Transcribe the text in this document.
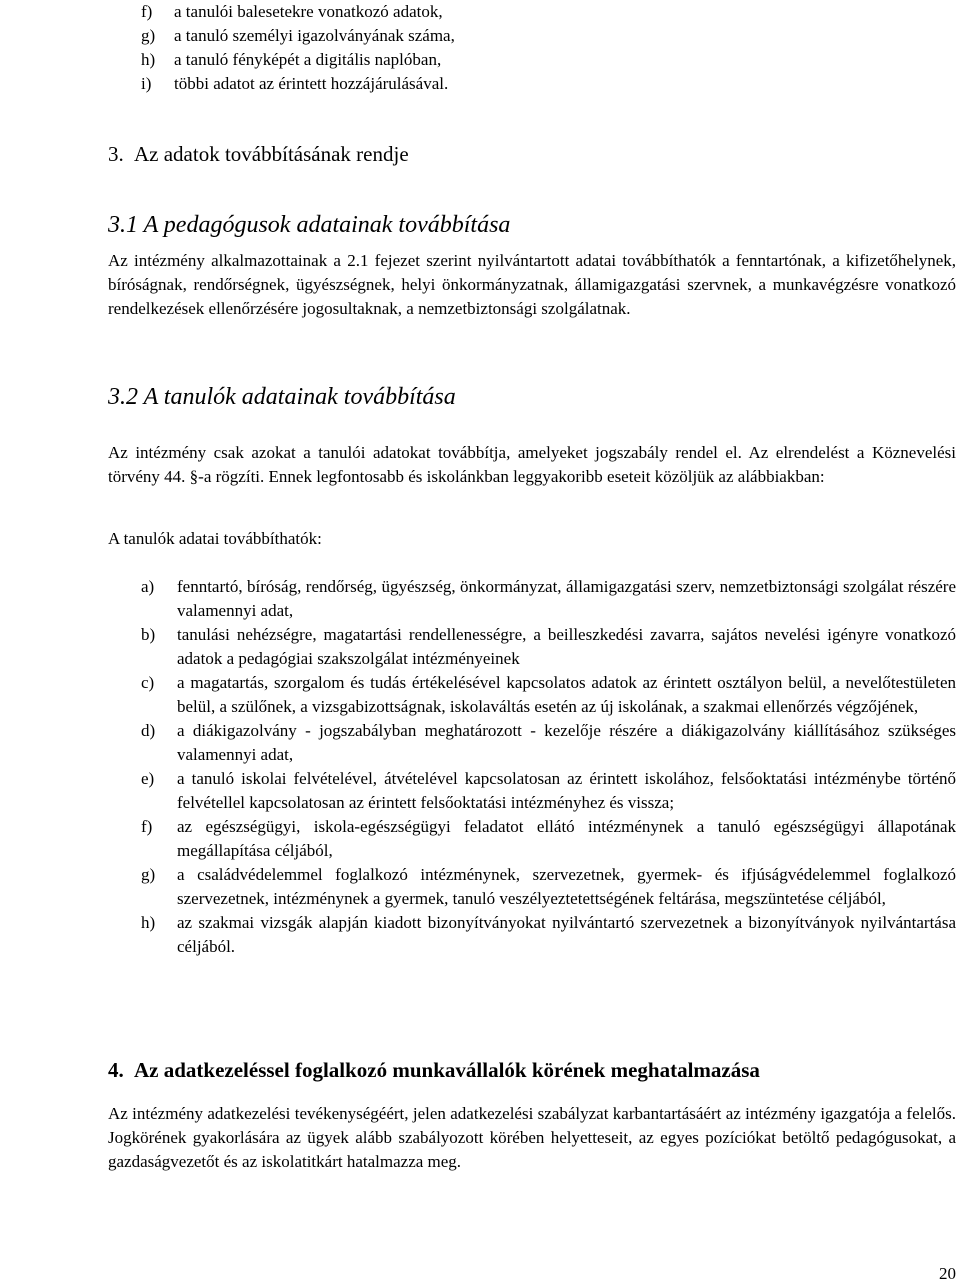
f) a tanulói balesetekre vonatkozó adatok,
g) a tanuló személyi igazolványának száma,
h) a tanuló fényképét a digitális naplóban,
i) többi adatot az érintett hozzájárulásával.
3. Az adatok továbbításának rendje
3.1 A pedagógusok adatainak továbbítása
Az intézmény alkalmazottainak a 2.1 fejezet szerint nyilvántartott adatai továbbíthatók a fenntartónak, a kifizetőhelynek, bíróságnak, rendőrségnek, ügyészségnek, helyi önkormányzatnak, államigazgatási szervnek, a munkavégzésre vonatkozó rendelkezések ellenőrzésére jogosultaknak, a nemzetbiztonsági szolgálatnak.
3.2 A tanulók adatainak továbbítása
Az intézmény csak azokat a tanulói adatokat továbbítja, amelyeket jogszabály rendel el. Az elrendelést a Köznevelési törvény 44. §-a rögzíti. Ennek legfontosabb és iskolánkban leggyakoribb eseteit közöljük az alábbiakban:
A tanulók adatai továbbíthatók:
a) fenntartó, bíróság, rendőrség, ügyészség, önkormányzat, államigazgatási szerv, nemzetbiztonsági szolgálat részére valamennyi adat,
b) tanulási nehézségre, magatartási rendellenességre, a beilleszkedési zavarra, sajátos nevelési igényre vonatkozó adatok a pedagógiai szakszolgálat intézményeinek
c) a magatartás, szorgalom és tudás értékelésével kapcsolatos adatok az érintett osztályon belül, a nevelőtestületen belül, a szülőnek, a vizsgabizottságnak, iskolaváltás esetén az új iskolának, a szakmai ellenőrzés végzőjének,
d) a diákigazolvány - jogszabályban meghatározott - kezelője részére a diákigazolvány kiállításához szükséges valamennyi adat,
e) a tanuló iskolai felvételével, átvételével kapcsolatosan az érintett iskolához, felsőoktatási intézménybe történő felvétellel kapcsolatosan az érintett felsőoktatási intézményhez és vissza;
f) az egészségügyi, iskola-egészségügyi feladatot ellátó intézménynek a tanuló egészségügyi állapotának megállapítása céljából,
g) a családvédelemmel foglalkozó intézménynek, szervezetnek, gyermek- és ifjúságvédelemmel foglalkozó szervezetnek, intézménynek a gyermek, tanuló veszélyeztetettségének feltárása, megszüntetése céljából,
h) az szakmai vizsgák alapján kiadott bizonyítványokat nyilvántartó szervezetnek a bizonyítványok nyilvántartása céljából.
4. Az adatkezeléssel foglalkozó munkavállalók körének meghatalmazása
Az intézmény adatkezelési tevékenységéért, jelen adatkezelési szabályzat karbantartásáért az intézmény igazgatója a felelős. Jogkörének gyakorlására az ügyek alább szabályozott körében helyetteseit, az egyes pozíciókat betöltő pedagógusokat, a gazdaságvezetőt és az iskolatitkárt hatalmazza meg.
20
